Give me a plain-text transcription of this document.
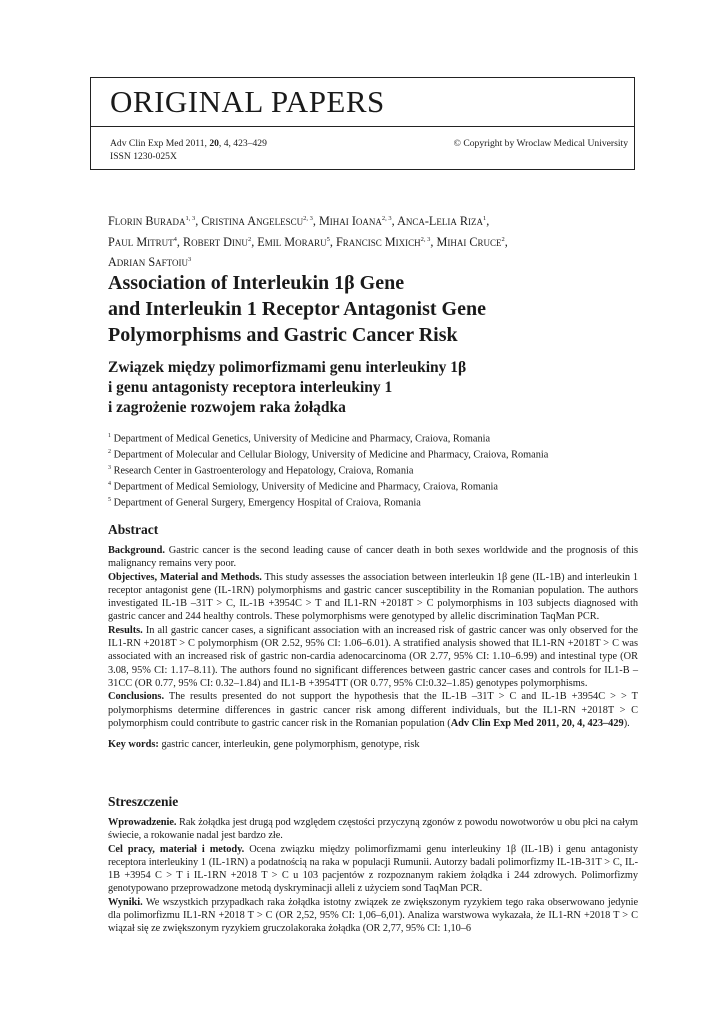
ORIGINAL PAPERS
Adv Clin Exp Med 2011, 20, 4, 423–429
ISSN 1230-025X
© Copyright by Wroclaw Medical University
Florin Burada$^{1, 3}$, Cristina Angelescu$^{2, 3}$, Mihai Ioana$^{2, 3}$, Anca-Lelia Riza$^1$,
Paul Mitrut$^4$, Robert Dinu$^2$, Emil Moraru$^5$, Francisc Mixich$^{2, 3}$, Mihai Cruce$^2$,
Adrian Saftoiu$^3$
Association of Interleukin 1β Gene
and Interleukin 1 Receptor Antagonist Gene
Polymorphisms and Gastric Cancer Risk
Związek między polimorfizmami genu interleukiny 1β
i genu antagonisty receptora interleukiny 1
i zagrożenie rozwojem raka żołądka
$^1$ Department of Medical Genetics, University of Medicine and Pharmacy, Craiova, Romania
$^2$ Department of Molecular and Cellular Biology, University of Medicine and Pharmacy, Craiova, Romania
$^3$ Research Center in Gastroenterology and Hepatology, Craiova, Romania
$^4$ Department of Medical Semiology, University of Medicine and Pharmacy, Craiova, Romania
$^5$ Department of General Surgery, Emergency Hospital of Craiova, Romania
Abstract

Background. Gastric cancer is the second leading cause of cancer death in both sexes worldwide and the prognosis of this malignancy remains very poor.

Objectives, Material and Methods. This study assesses the association between interleukin 1β gene (IL-1B) and interleukin 1 receptor antagonist gene (IL-1RN) polymorphisms and gastric cancer susceptibility in the Romanian population. The authors investigated IL-1B –31T > C, IL-1B +3954C > T and IL1-RN +2018T > C polymorphisms in 103 subjects diagnosed with gastric cancer and 244 healthy controls. These polymorphisms were genotyped by allelic discrimination TaqMan PCR.

Results. In all gastric cancer cases, a significant association with an increased risk of gastric cancer was only observed for the IL1-RN +2018T > C polymorphism (OR 2.52, 95% CI: 1.06–6.01). A stratified analysis showed that IL1-RN +2018T > C was associated with an increased risk of gastric non-cardia adenocarcinoma (OR 2.77, 95% CI: 1.10–6.99) and intestinal type (OR 3.08, 95% CI: 1.17–8.11). The authors found no significant differences between gastric cancer cases and controls for IL1-B –31CC (OR 0.77, 95% CI: 0.32–1.84) and IL1-B +3954TT (OR 0.77, 95% CI:0.32–1.85) genotypes polymorphisms.

Conclusions. The results presented do not support the hypothesis that the IL-1B –31T > C and IL-1B +3954C > > T polymorphisms determine differences in gastric cancer risk among different individuals, but the IL1-RN +2018T > C polymorphism could contribute to gastric cancer risk in the Romanian population (Adv Clin Exp Med 2011, 20, 4, 423–429).

Key words: gastric cancer, interleukin, gene polymorphism, genotype, risk

Streszczenie

Wprowadzenie. Rak żołądka jest drugą pod względem częstości przyczyną zgonów z powodu nowotworów u obu płci na całym świecie, a rokowanie nadal jest bardzo złe.

Cel pracy, materiał i metody. Ocena związku między polimorfizmami genu interleukiny 1β (IL-1B) i genu antagonisty receptora interleukiny 1 (IL-1RN) a podatnością na raka w populacji Rumunii. Autorzy badali polimorfizmy IL-1B-31T > C, IL-1B +3954 C > T i IL-1RN +2018 T > C u 103 pacjentów z rozpoznanym rakiem żołądka i 244 zdrowych. Polimorfizmy genotypowano przeprowadzone metodą dyskryminacji alleli z użyciem sond TaqMan PCR.

Wyniki. We wszystkich przypadkach raka żołądka istotny związek ze zwiększonym ryzykiem tego raka obserwowano jedynie dla polimorfizmu IL1-RN +2018 T > C (OR 2,52, 95% CI: 1,06–6,01). Analiza warstwowa wykazała, że IL1-RN +2018 T > C wiązał się ze zwiększonym ryzykiem gruczolakoraka żołądka (OR 2,77, 95% CI: 1,10–6
